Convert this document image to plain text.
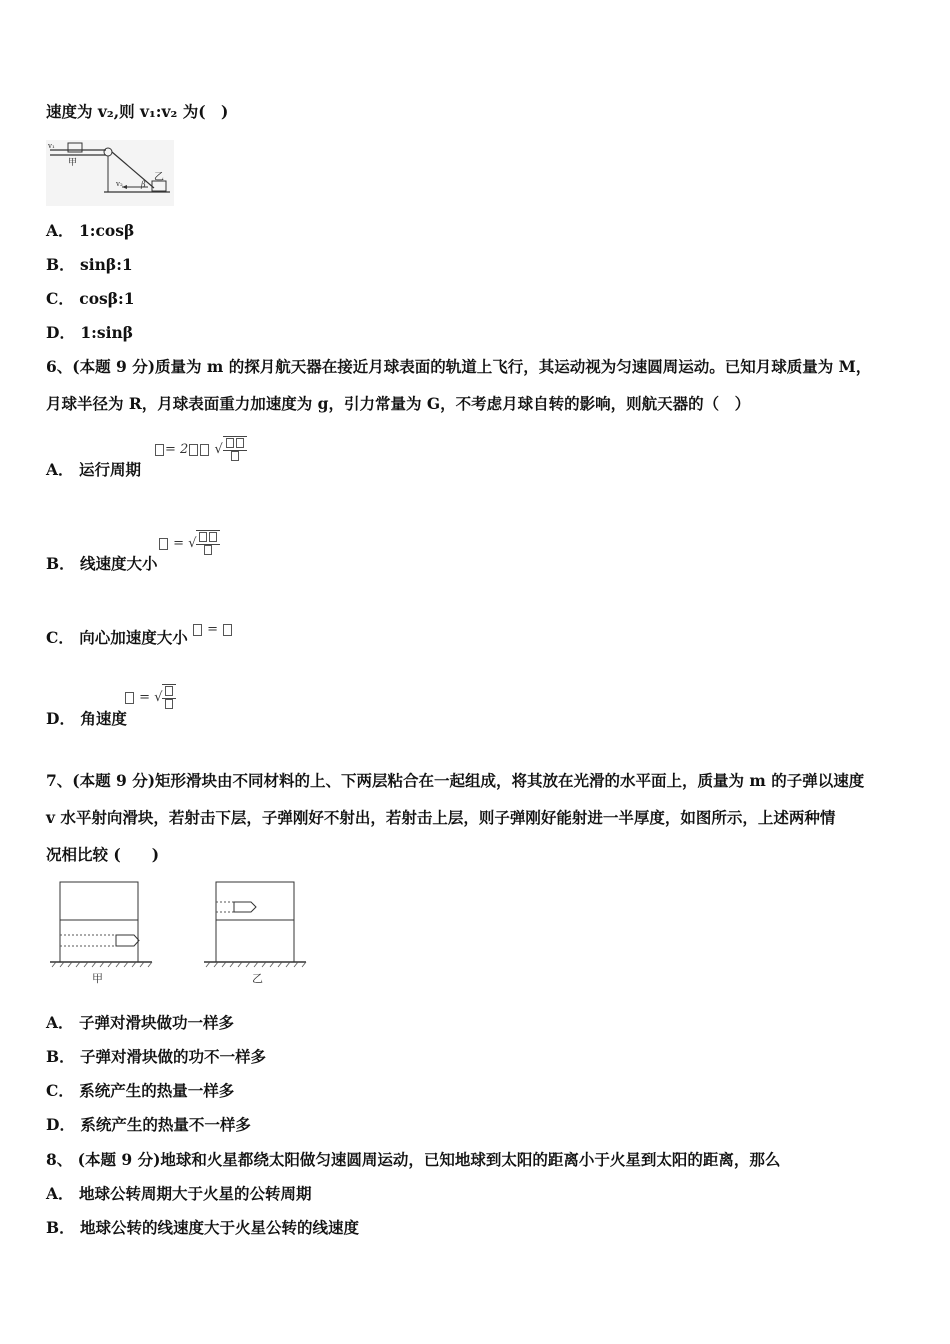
速度为 v₂,则 v₁:v₂ 为(　)
v₁
甲
v₂ β
乙
A． 1:cosβ
B． sinβ:1
C． cosβ:1
D． 1:sinβ
6、(本题 9 分)质量为 m 的探月航天器在接近月球表面的轨道上飞行，其运动视为匀速圆周运动。已知月球质量为 M，
月球半径为 R，月球表面重力加速度为 g，引力常量为 G，不考虑月球自转的影响，则航天器的（　）
A． 运行周期
= 2 √
B． 线速度大小
= √
C． 向心加速度大小	=
D． 角速度
= √
7、(本题 9 分)矩形滑块由不同材料的上、下两层粘合在一起组成，将其放在光滑的水平面上，质量为 m 的子弹以速度
v 水平射向滑块，若射击下层，子弹刚好不射出，若射击上层，则子弹刚好能射进一半厚度，如图所示，上述两种情
况相比较 (　　)
甲	乙
A． 子弹对滑块做功一样多
B． 子弹对滑块做的功不一样多
C． 系统产生的热量一样多
D． 系统产生的热量不一样多
8、 (本题 9 分)地球和火星都绕太阳做匀速圆周运动，已知地球到太阳的距离小于火星到太阳的距离，那么
A． 地球公转周期大于火星的公转周期
B． 地球公转的线速度大于火星公转的线速度
